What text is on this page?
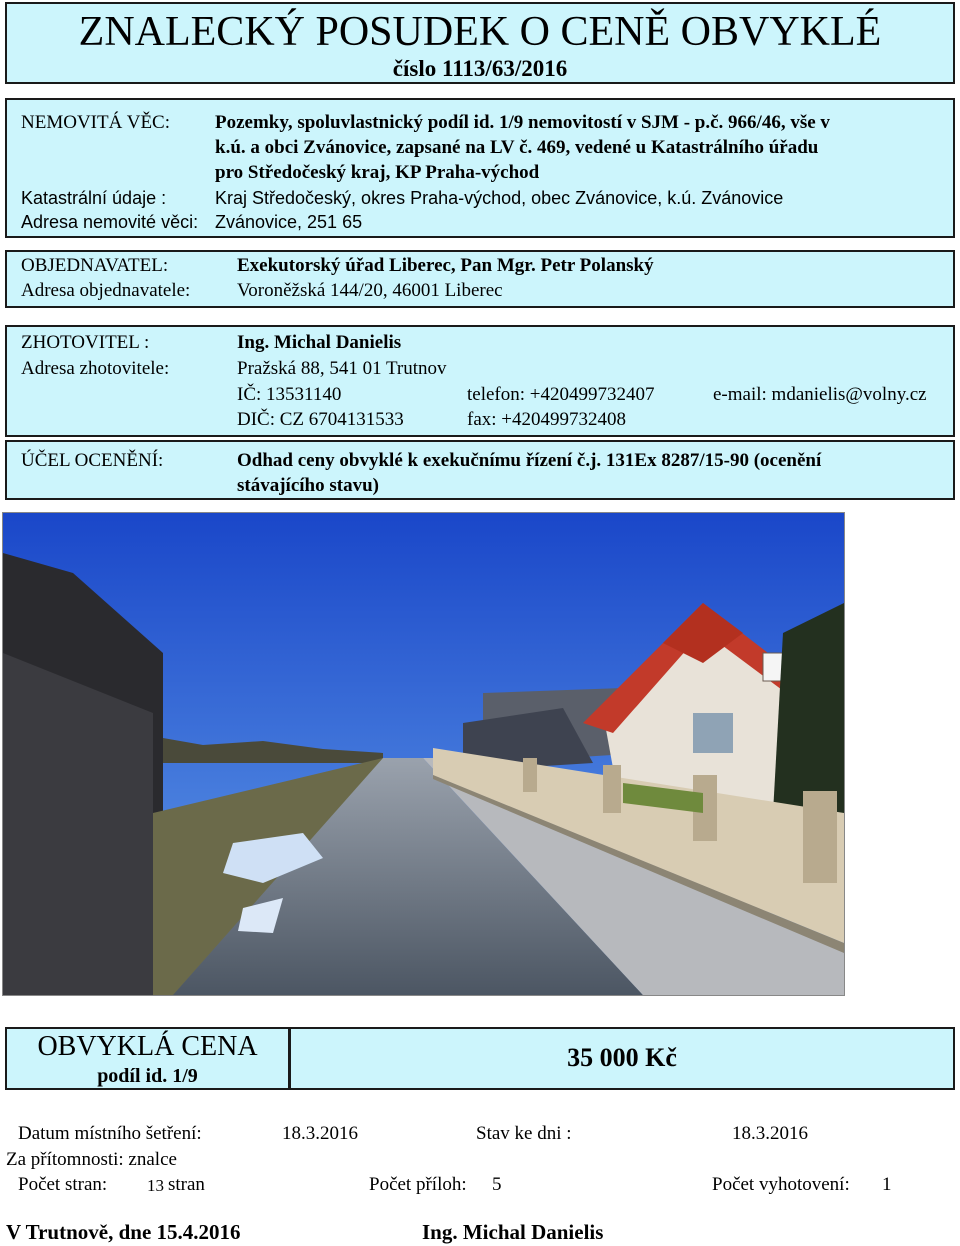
ZNALECKÝ POSUDEK O CENĚ OBVYKLÉ
číslo 1113/63/2016
NEMOVITÁ VĚC: Pozemky, spoluvlastnický podíl id. 1/9 nemovitostí v SJM - p.č. 966/46, vše v
k.ú. a obci Zvánovice, zapsané na LV č. 469, vedené u Katastrálního úřadu
pro Středočeský kraj, KP Praha-východ
Katastrální údaje :	Kraj Středočeský, okres Praha-východ, obec Zvánovice, k.ú. Zvánovice
Adresa nemovité věci: Zvánovice, 251 65
OBJEDNAVATEL:	Exekutorský úřad Liberec, Pan Mgr. Petr Polanský
Adresa objednavatele: Voroněžská 144/20, 46001 Liberec
ZHOTOVITEL :	Ing. Michal Danielis
Adresa zhotovitele:	Pražská 88, 541 01 Trutnov
IČ: 13531140	telefon: +420499732407	e-mail: mdanielis@volny.cz
DIČ: CZ 6704131533	fax: +420499732408
ÚČEL OCENĚNÍ:	Odhad ceny obvyklé k exekučnímu řízení č.j. 131Ex 8287/15-90 (ocenění
stávajícího stavu)
OBVYKLÁ CENA
podíl id. 1/9
35 000 Kč
Datum místního šetření:	18.3.2016	Stav ke dni :	18.3.2016
Za přítomnosti: znalce
Počet stran: 13 stran	Počet příloh: 5	Počet vyhotovení: 1
V Trutnově, dne 15.4.2016	Ing. Michal Danielis
